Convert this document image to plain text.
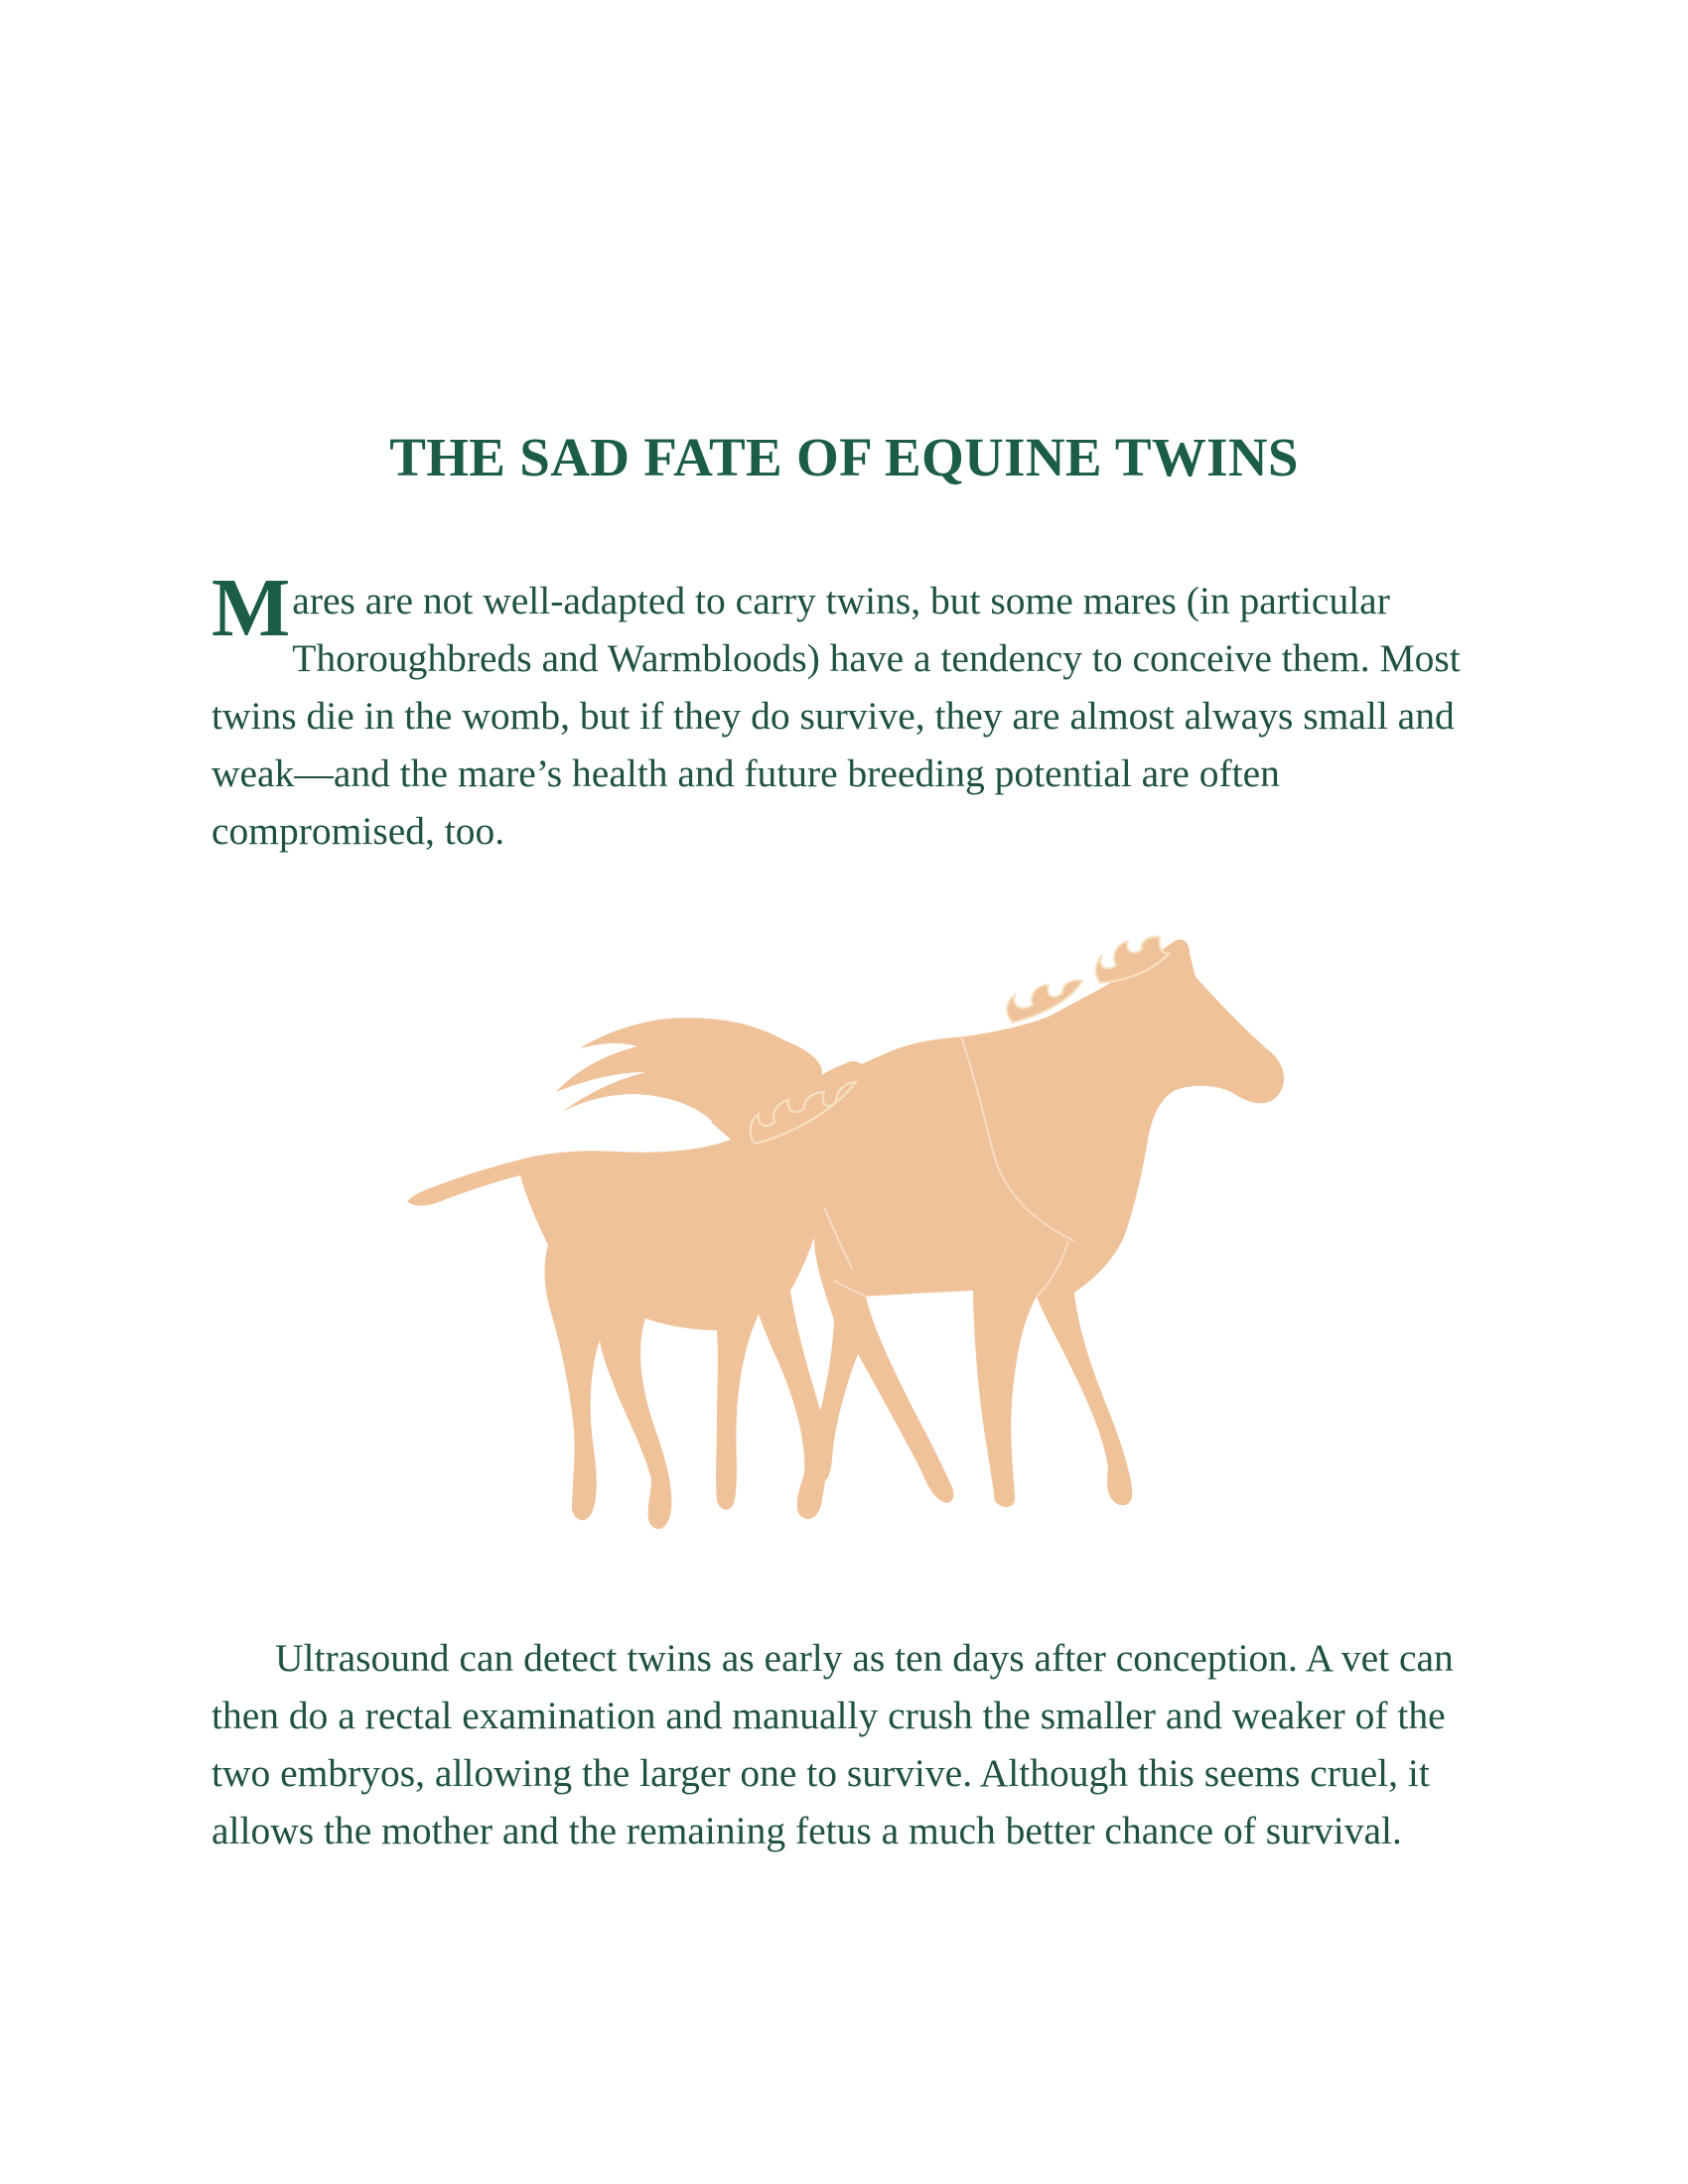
THE SAD FATE OF EQUINE TWINS

Mares are not well-adapted to carry twins, but some mares (in particular Thoroughbreds and Warmbloods) have a tendency to conceive them. Most twins die in the womb, but if they do survive, they are almost always small and weak—and the mare’s health and future breeding potential are often compromised, too.

Ultrasound can detect twins as early as ten days after conception. A vet can then do a rectal examination and manually crush the smaller and weaker of the two embryos, allowing the larger one to survive. Although this seems cruel, it allows the mother and the remaining fetus a much better chance of survival.
